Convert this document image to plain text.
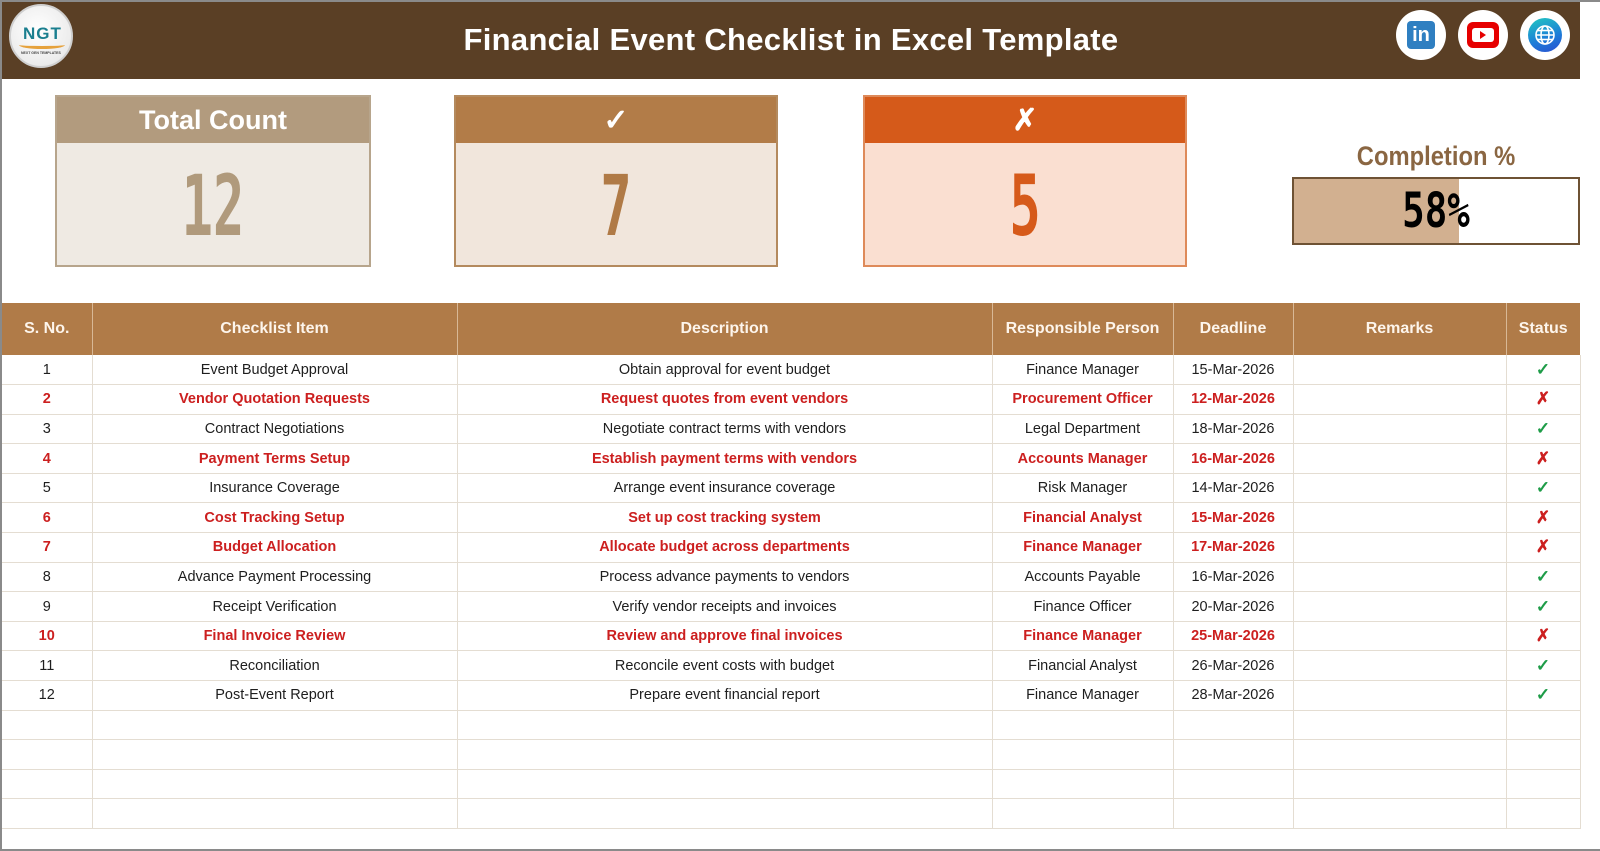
NGT
NEXT GEN TEMPLATES	Financial Event Checklist in Excel Template	in
Total Count
12
✓
7
✗
5
Completion %
58%
S. No.	Checklist Item	Description	Responsible Person	Deadline	Remarks	Status
1	Event Budget Approval	Obtain approval for event budget	Finance Manager	15-Mar-2026		✓
2	Vendor Quotation Requests	Request quotes from event vendors	Procurement Officer	12-Mar-2026		✗
3	Contract Negotiations	Negotiate contract terms with vendors	Legal Department	18-Mar-2026		✓
4	Payment Terms Setup	Establish payment terms with vendors	Accounts Manager	16-Mar-2026		✗
5	Insurance Coverage	Arrange event insurance coverage	Risk Manager	14-Mar-2026		✓
6	Cost Tracking Setup	Set up cost tracking system	Financial Analyst	15-Mar-2026		✗
7	Budget Allocation	Allocate budget across departments	Finance Manager	17-Mar-2026		✗
8	Advance Payment Processing	Process advance payments to vendors	Accounts Payable	16-Mar-2026		✓
9	Receipt Verification	Verify vendor receipts and invoices	Finance Officer	20-Mar-2026		✓
10	Final Invoice Review	Review and approve final invoices	Finance Manager	25-Mar-2026		✗
11	Reconciliation	Reconcile event costs with budget	Financial Analyst	26-Mar-2026		✓
12	Post-Event Report	Prepare event financial report	Finance Manager	28-Mar-2026		✓
